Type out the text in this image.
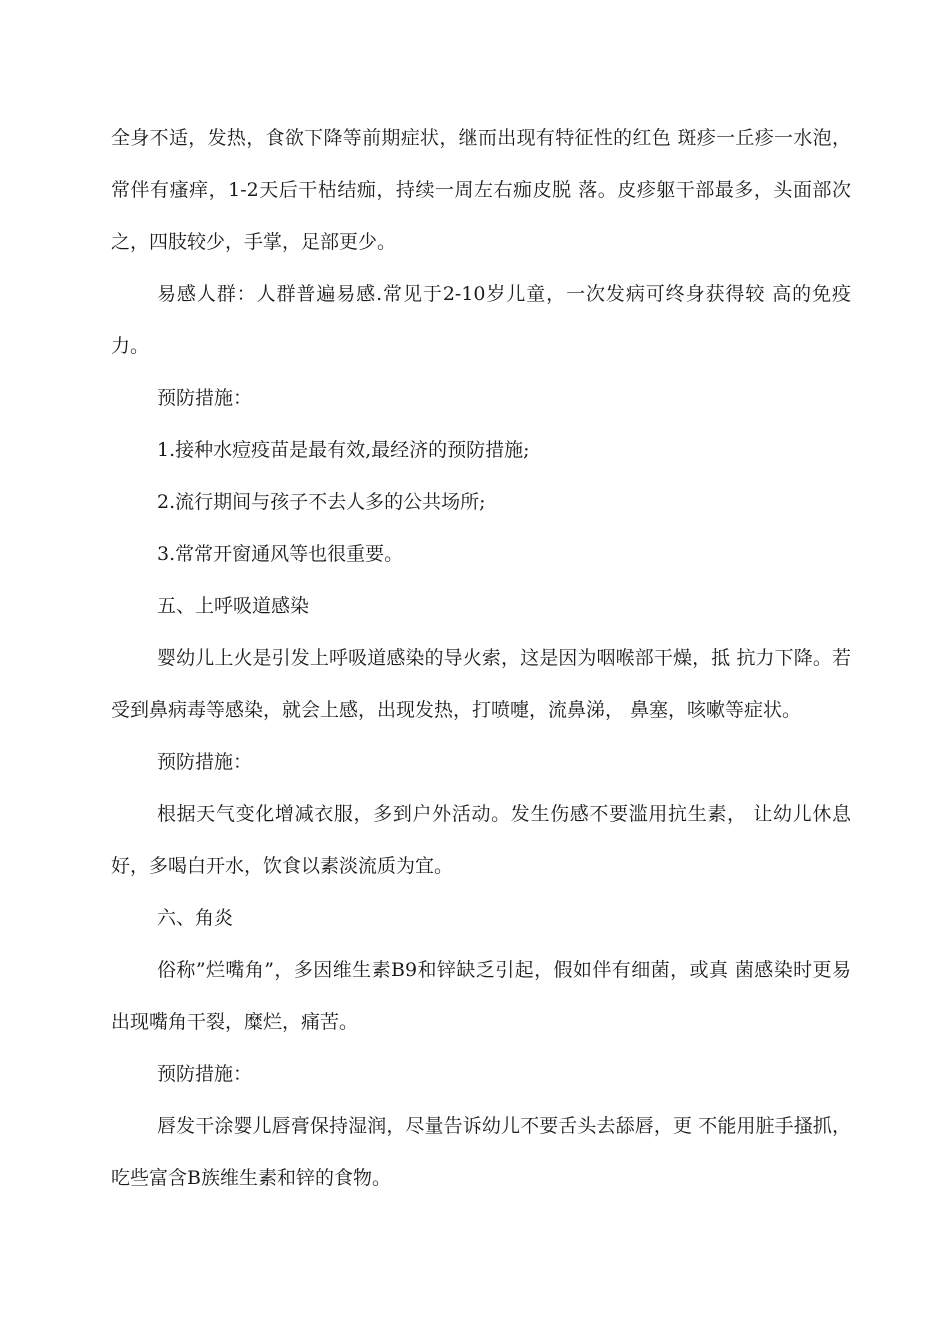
全身不适，发热，食欲下降等前期症状，继而出现有特征性的红色 斑疹一丘疹一水泡，常伴有瘙痒，1-2天后干枯结痂，持续一周左右痂皮脱 落。皮疹躯干部最多，头面部次之，四肢较少，手掌，足部更少。

易感人群：人群普遍易感.常见于2-10岁儿童，一次发病可终身获得较 高的免疫力。

预防措施：

1.接种水痘疫苗是最有效,最经济的预防措施;

2.流行期间与孩子不去人多的公共场所;

3.常常开窗通风等也很重要。

五、上呼吸道感染

婴幼儿上火是引发上呼吸道感染的导火索，这是因为咽喉部干燥，抵 抗力下降。若受到鼻病毒等感染，就会上感，出现发热，打喷嚏，流鼻涕， 鼻塞，咳嗽等症状。

预防措施：

根据天气变化增减衣服，多到户外活动。发生伤感不要滥用抗生素， 让幼儿休息好，多喝白开水，饮食以素淡流质为宜。

六、角炎

俗称”烂嘴角”，多因维生素B9和锌缺乏引起，假如伴有细菌，或真 菌感染时更易出现嘴角干裂，糜烂，痛苦。

预防措施：

唇发干涂婴儿唇膏保持湿润，尽量告诉幼儿不要舌头去舔唇，更 不能用脏手搔抓，吃些富含B族维生素和锌的食物。
